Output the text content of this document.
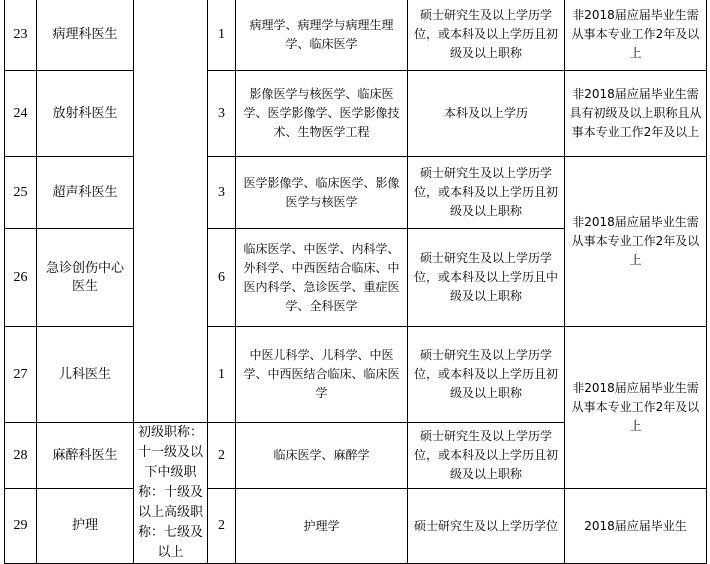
23	病理科医生		1	病理学、病理学与病理生理学、临床医学	硕士研究生及以上学历学位，或本科及以上学历且初级及以上职称	非2018届应届毕业生需从事本专业工作2年及以上
24	放射科医生		3	影像医学与核医学、临床医学、医学影像学、医学影像技术、生物医学工程	本科及以上学历	非2018届应届毕业生需具有初级及以上职称且从事本专业工作2年及以上
25	超声科医生		3	医学影像学、临床医学、影像医学与核医学	硕士研究生及以上学历学位，或本科及以上学历且初级及以上职称	非2018届应届毕业生需从事本专业工作2年及以上
26	急诊创伤中心医生		6	临床医学、中医学、内科学、外科学、中西医结合临床、中医内科学、急诊医学、重症医学、全科医学	硕士研究生及以上学历学位，或本科及以上学历且中级及以上职称	
27	儿科医生		1	中医儿科学、儿科学、中医学、中西医结合临床、临床医学	硕士研究生及以上学历学位，或本科及以上学历且初级及以上职称	非2018届应届毕业生需从事本专业工作2年及以上
28	麻醉科医生	初级职称：十一级及以下中级职称：十级及以上高级职称：七级及以上	2	临床医学、麻醉学	硕士研究生及以上学历学位，或本科及以上学历且初级及以上职称	
29	护理		2	护理学	硕士研究生及以上学历学位	2018届应届毕业生
